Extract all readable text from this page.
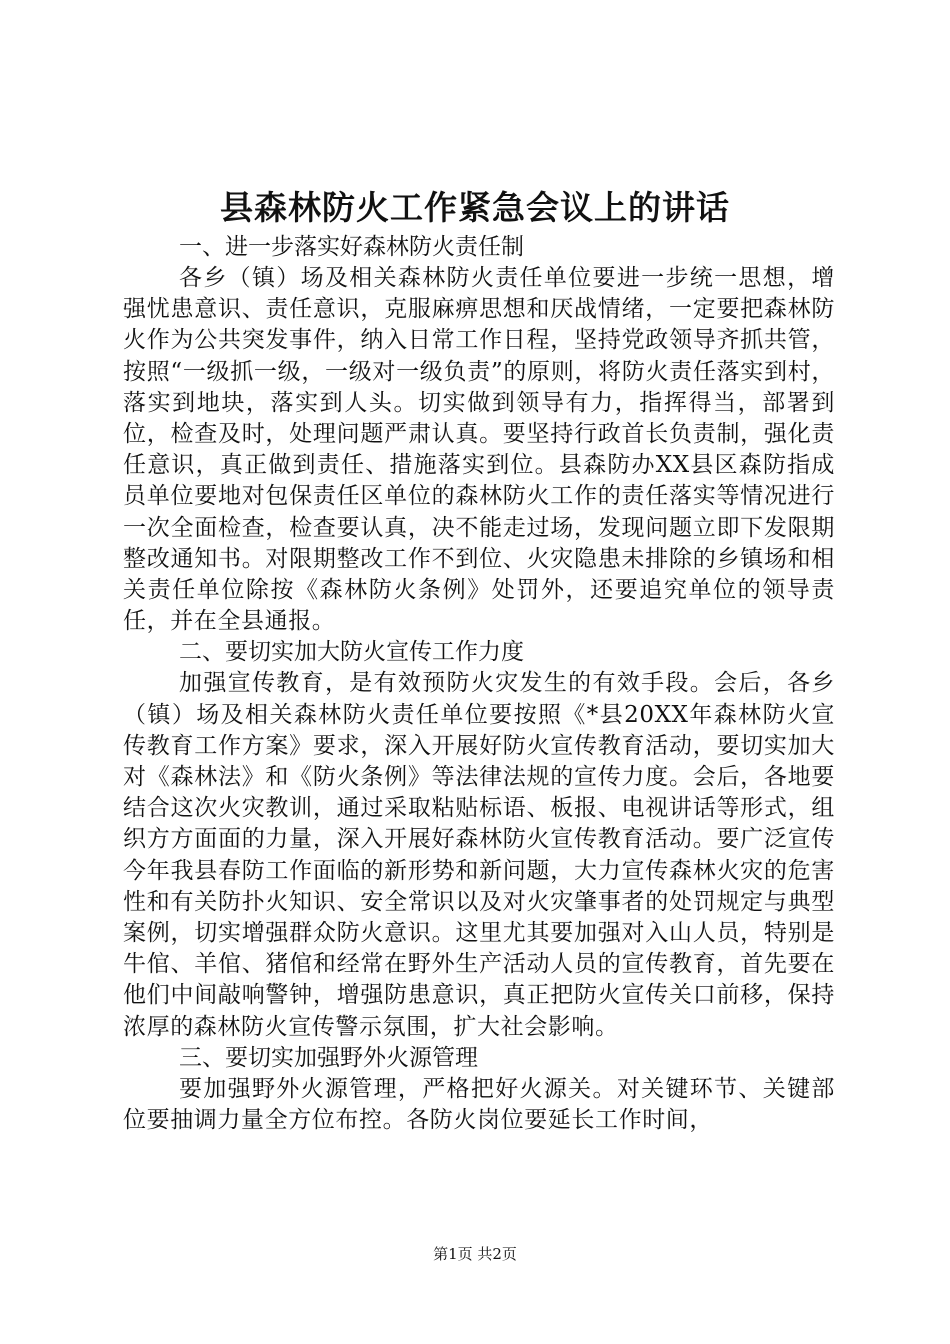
县森林防火工作紧急会议上的讲话

一、进一步落实好森林防火责任制

各乡（镇）场及相关森林防火责任单位要进一步统一思想，增强忧患意识、责任意识，克服麻痹思想和厌战情绪，一定要把森林防火作为公共突发事件，纳入日常工作日程，坚持党政领导齐抓共管，按照“一级抓一级，一级对一级负责”的原则，将防火责任落实到村，落实到地块，落实到人头。切实做到领导有力，指挥得当，部署到位，检查及时，处理问题严肃认真。要坚持行政首长负责制，强化责任意识，真正做到责任、措施落实到位。县森防办XX县区森防指成员单位要地对包保责任区单位的森林防火工作的责任落实等情况进行一次全面检查，检查要认真，决不能走过场，发现问题立即下发限期整改通知书。对限期整改工作不到位、火灾隐患未排除的乡镇场和相关责任单位除按《森林防火条例》处罚外，还要追究单位的领导责任，并在全县通报。

二、要切实加大防火宣传工作力度

加强宣传教育，是有效预防火灾发生的有效手段。会后，各乡（镇）场及相关森林防火责任单位要按照《*县20XX年森林防火宣传教育工作方案》要求，深入开展好防火宣传教育活动，要切实加大对《森林法》和《防火条例》等法律法规的宣传力度。会后，各地要结合这次火灾教训，通过采取粘贴标语、板报、电视讲话等形式，组织方方面面的力量，深入开展好森林防火宣传教育活动。要广泛宣传今年我县春防工作面临的新形势和新问题，大力宣传森林火灾的危害性和有关防扑火知识、安全常识以及对火灾肇事者的处罚规定与典型案例，切实增强群众防火意识。这里尤其要加强对入山人员，特别是牛倌、羊倌、猪倌和经常在野外生产活动人员的宣传教育，首先要在他们中间敲响警钟，增强防患意识，真正把防火宣传关口前移，保持浓厚的森林防火宣传警示氛围，扩大社会影响。

三、要切实加强野外火源管理

要加强野外火源管理，严格把好火源关。对关键环节、关键部位要抽调力量全方位布控。各防火岗位要延长工作时间，

第1页 共2页
